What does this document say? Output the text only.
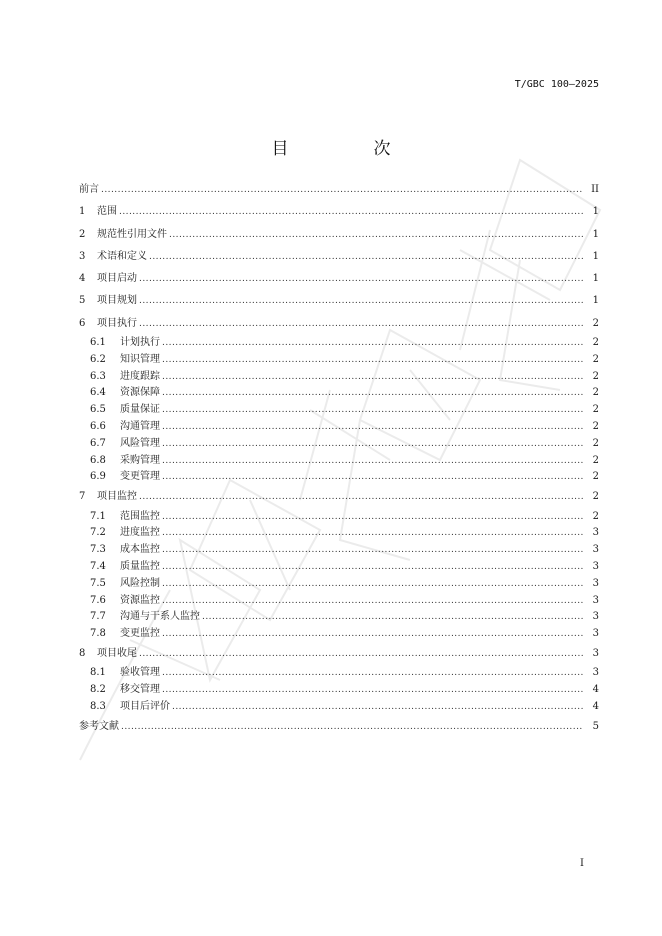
T/GBC 100—2025
目　次
前言 . . .	II
1	范围 . . .	1
2	规范性引用文件 . . .	1
3	术语和定义 . . .	1
4	项目启动 . . .	1
5	项目规划 . . .	1
6	项目执行 . . .	2
6.1	计划执行 . . .	2
6.2	知识管理 . . .	2
6.3	进度跟踪 . . .	2
6.4	资源保障 . . .	2
6.5	质量保证 . . .	2
6.6	沟通管理 . . .	2
6.7	风险管理 . . .	2
6.8	采购管理 . . .	2
6.9	变更管理 . . .	2
7	项目监控 . . .	2
7.1	范围监控 . . .	2
7.2	进度监控 . . .	3
7.3	成本监控 . . .	3
7.4	质量监控 . . .	3
7.5	风险控制 . . .	3
7.6	资源监控 . . .	3
7.7	沟通与干系人监控 . . .	3
7.8	变更监控 . . .	3
8	项目收尾 . . .	3
8.1	验收管理 . . .	3
8.2	移交管理 . . .	4
8.3	项目后评价 . . .	4
参考文献 . . .	5
I
